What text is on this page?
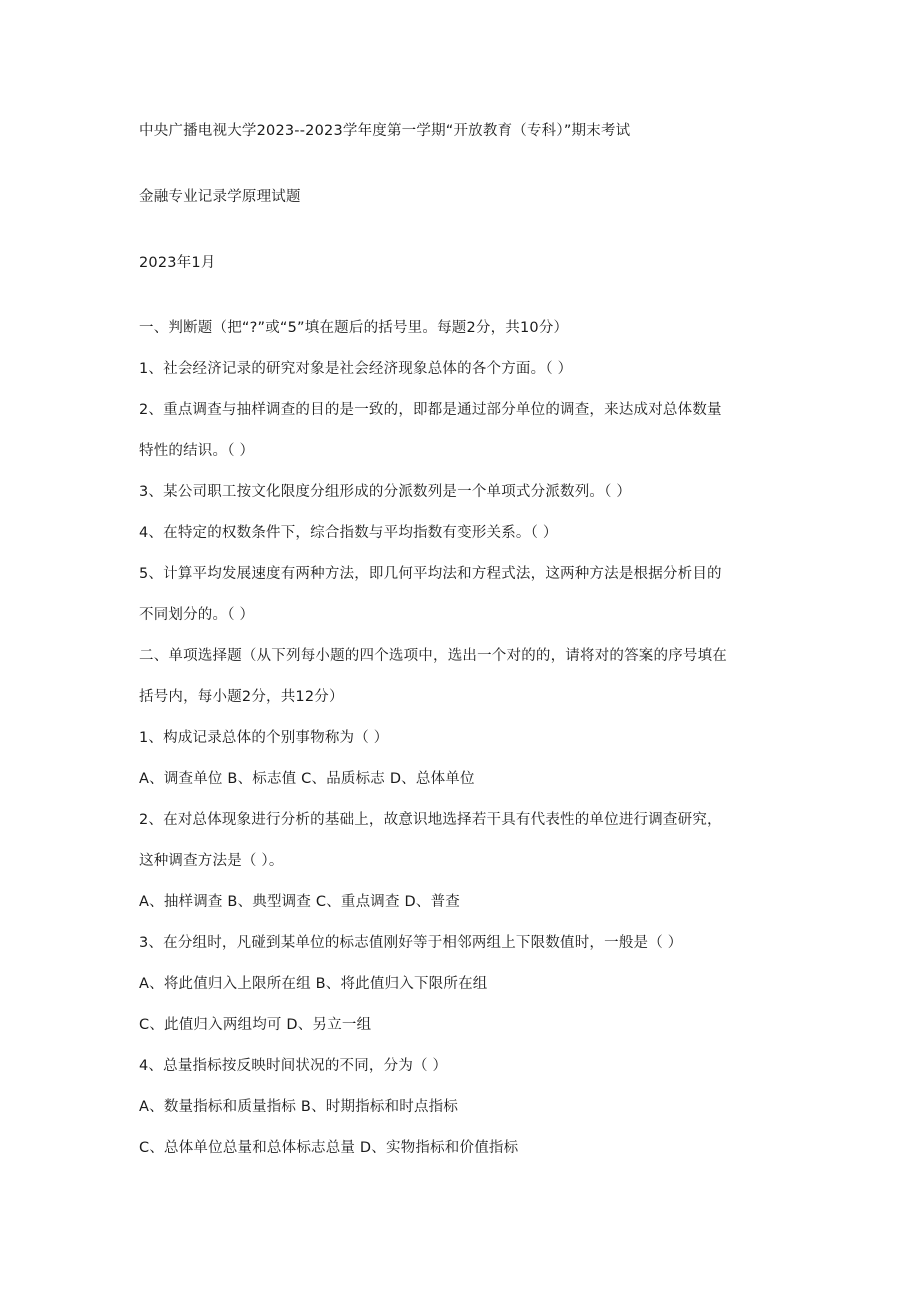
中央广播电视大学2023--2023学年度第一学期“开放教育（专科）”期末考试
金融专业记录学原理试题
2023年1月
一、判断题（把“?”或“5”填在题后的括号里。每题2分，共10分）
1、社会经济记录的研究对象是社会经济现象总体的各个方面。（ ）
2、重点调查与抽样调查的目的是一致的，即都是通过部分单位的调查，来达成对总体数量
特性的结识。（ ）
3、某公司职工按文化限度分组形成的分派数列是一个单项式分派数列。（ ）
4、在特定的权数条件下，综合指数与平均指数有变形关系。（ ）
5、计算平均发展速度有两种方法，即几何平均法和方程式法，这两种方法是根据分析目的
不同划分的。（ ）
二、单项选择题（从下列每小题的四个选项中，选出一个对的的，请将对的答案的序号填在
括号内，每小题2分，共12分）
1、构成记录总体的个别事物称为（ ）
A、调查单位 B、标志值 C、品质标志 D、总体单位
2、在对总体现象进行分析的基础上，故意识地选择若干具有代表性的单位进行调查研究，
这种调查方法是（ ）。
A、抽样调查 B、典型调查 C、重点调查 D、普查
3、在分组时，凡碰到某单位的标志值刚好等于相邻两组上下限数值时，一般是（ ）
A、将此值归入上限所在组 B、将此值归入下限所在组
C、此值归入两组均可 D、另立一组
4、总量指标按反映时间状况的不同，分为（ ）
A、数量指标和质量指标 B、时期指标和时点指标
C、总体单位总量和总体标志总量 D、实物指标和价值指标
